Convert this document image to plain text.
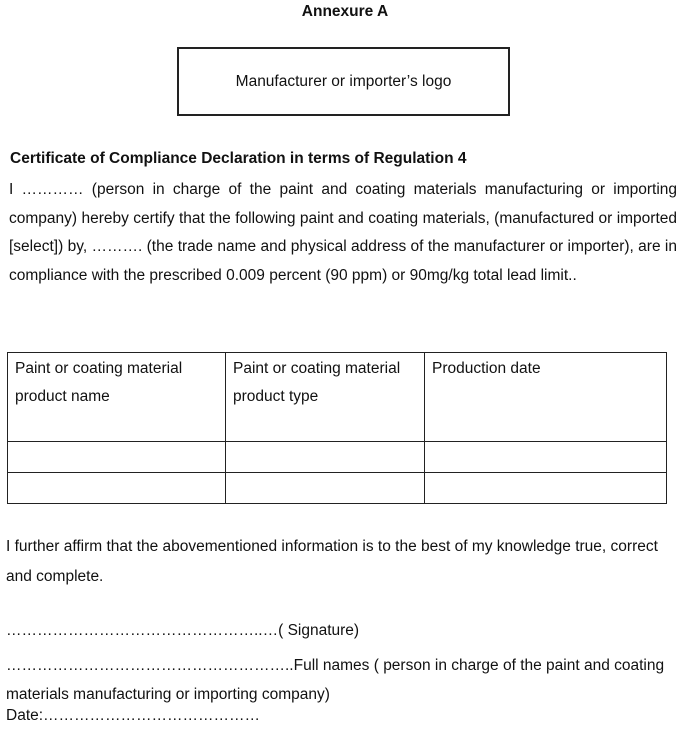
Annexure A
Manufacturer or importer’s logo
Certificate of Compliance Declaration in terms of Regulation 4
I ………… (person in charge of the paint and coating materials manufacturing or importing company) hereby certify that the following paint and coating materials, (manufactured or imported [select]) by, ………. (the trade name and physical address of the manufacturer or importer), are in compliance with the prescribed 0.009 percent (90 ppm) or 90mg/kg total lead limit..
Paint or coating material product name	Paint or coating material product type	Production date

I further affirm that the abovementioned information is to the best of my knowledge true, correct and complete.
…………………………………………..…( Signature)
………………………………………………..Full names ( person in charge of the paint and coating materials manufacturing or importing company)
Date:……………………………………
